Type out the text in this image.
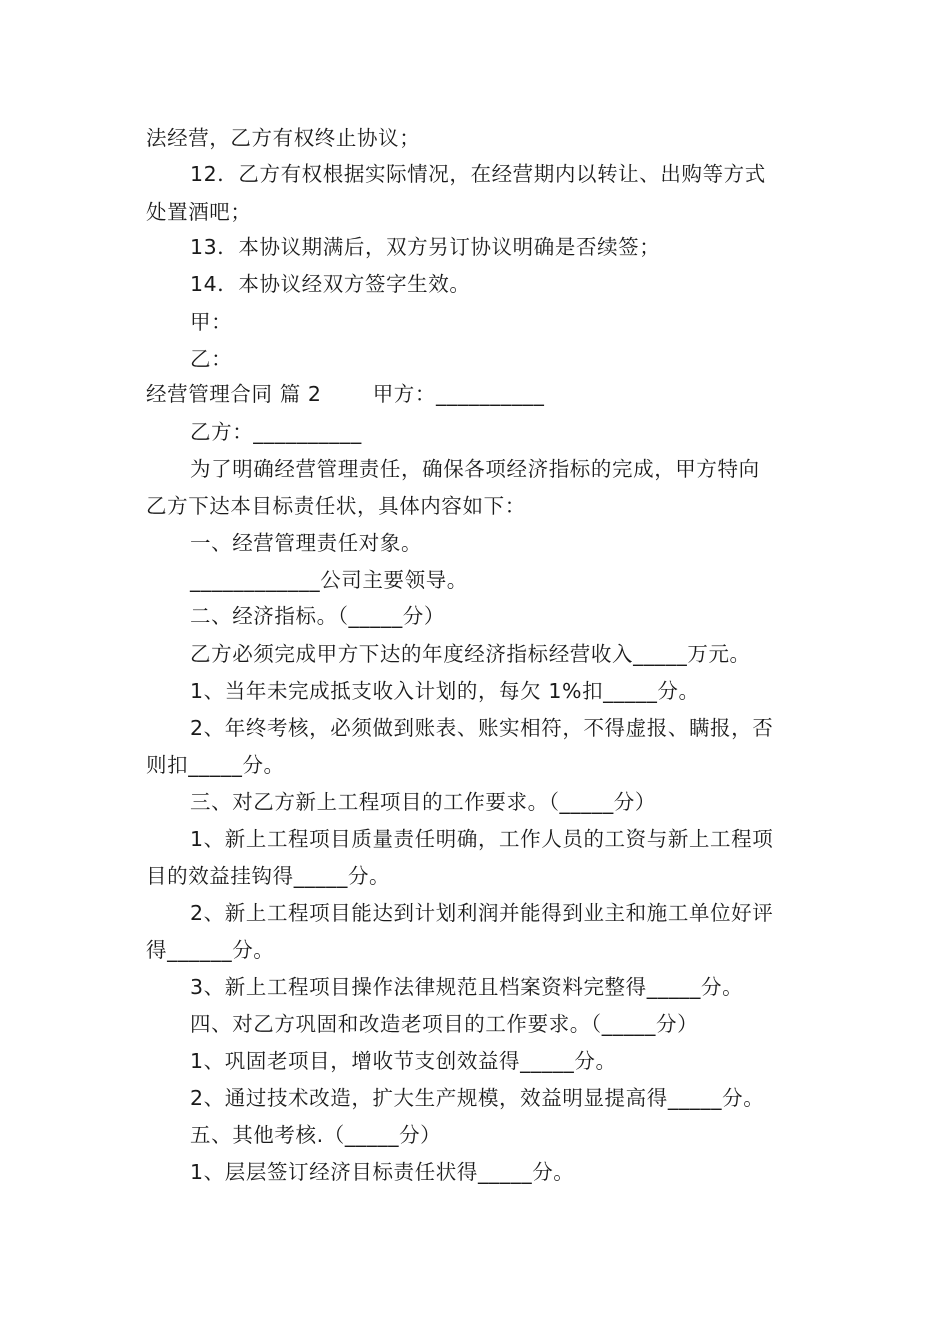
法经营，乙方有权终止协议；
12．乙方有权根据实际情况，在经营期内以转让、出购等方式
处置酒吧；
13．本协议期满后，双方另订协议明确是否续签；
14．本协议经双方签字生效。
甲：
乙：
经营管理合同 篇 2 甲方：__________
乙方：__________
为了明确经营管理责任，确保各项经济指标的完成，甲方特向
乙方下达本目标责任状，具体内容如下：
一、经营管理责任对象。
____________公司主要领导。
二、经济指标。（_____分）
乙方必须完成甲方下达的年度经济指标经营收入_____万元。
1、当年未完成抵支收入计划的，每欠 1%扣_____分。
2、年终考核，必须做到账表、账实相符，不得虚报、瞒报，否
则扣_____分。
三、对乙方新上工程项目的工作要求。（_____分）
1、新上工程项目质量责任明确，工作人员的工资与新上工程项
目的效益挂钩得_____分。
2、新上工程项目能达到计划利润并能得到业主和施工单位好评
得______分。
3、新上工程项目操作法律规范且档案资料完整得_____分。
四、对乙方巩固和改造老项目的工作要求。（_____分）
1、巩固老项目，增收节支创效益得_____分。
2、通过技术改造，扩大生产规模，效益明显提高得_____分。
五、其他考核.（_____分）
1、层层签订经济目标责任状得_____分。
